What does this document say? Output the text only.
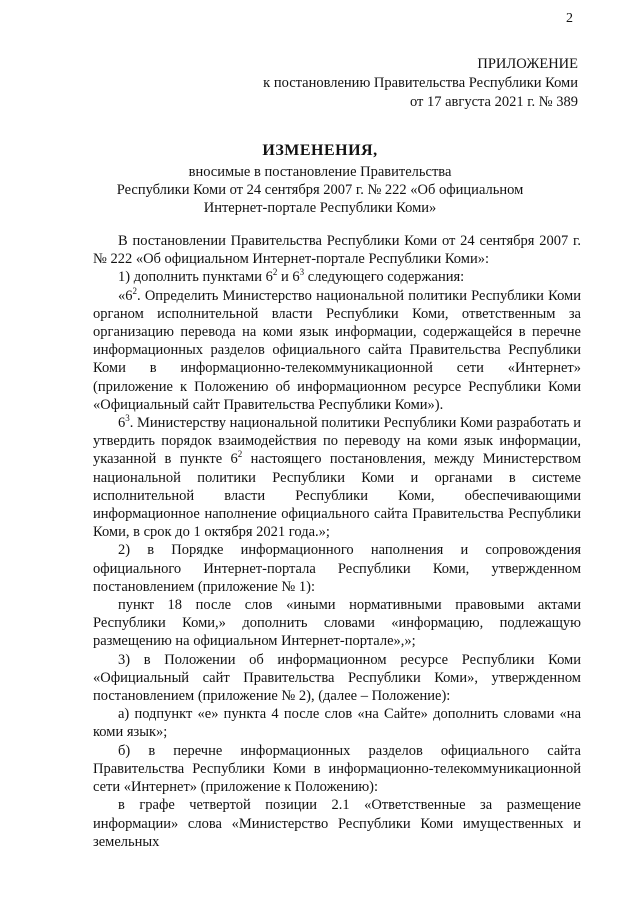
2
ПРИЛОЖЕНИЕ
к постановлению Правительства Республики Коми
от 17 августа 2021 г. № 389
ИЗМЕНЕНИЯ,
вносимые в постановление Правительства
Республики Коми от 24 сентября 2007 г. № 222 «Об официальном
Интернет-портале Республики Коми»

В постановлении Правительства Республики Коми от 24 сентября 2007 г. № 222 «Об официальном Интернет-портале Республики Коми»:

1) дополнить пунктами $6^2$ и $6^3$ следующего содержания:

«$6^2$. Определить Министерство национальной политики Республики Коми органом исполнительной власти Республики Коми, ответственным за организацию перевода на коми язык информации, содержащейся в перечне информационных разделов официального сайта Правительства Республики Коми в информационно-телекоммуникационной сети «Интернет» (приложение к Положению об информационном ресурсе Республики Коми «Официальный сайт Правительства Республики Коми»).

$6^3$. Министерству национальной политики Республики Коми разработать и утвердить порядок взаимодействия по переводу на коми язык информации, указанной в пункте $6^2$ настоящего постановления, между Министерством национальной политики Республики Коми и органами в системе исполнительной власти Республики Коми, обеспечивающими информационное наполнение официального сайта Правительства Республики Коми, в срок до 1 октября 2021 года.»;

2) в Порядке информационного наполнения и сопровождения официального Интернет-портала Республики Коми, утвержденном постановлением (приложение № 1):

пункт 18 после слов «иными нормативными правовыми актами Республики Коми,» дополнить словами «информацию, подлежащую размещению на официальном Интернет-портале»,»;

3) в Положении об информационном ресурсе Республики Коми «Официальный сайт Правительства Республики Коми», утвержденном постановлением (приложение № 2), (далее – Положение):

а) подпункт «е» пункта 4 после слов «на Сайте» дополнить словами «на коми язык»;

б) в перечне информационных разделов официального сайта Правительства Республики Коми в информационно-телекоммуникационной сети «Интернет» (приложение к Положению):

в графе четвертой позиции 2.1 «Ответственные за размещение информации» слова «Министерство Республики Коми имущественных и земельных
